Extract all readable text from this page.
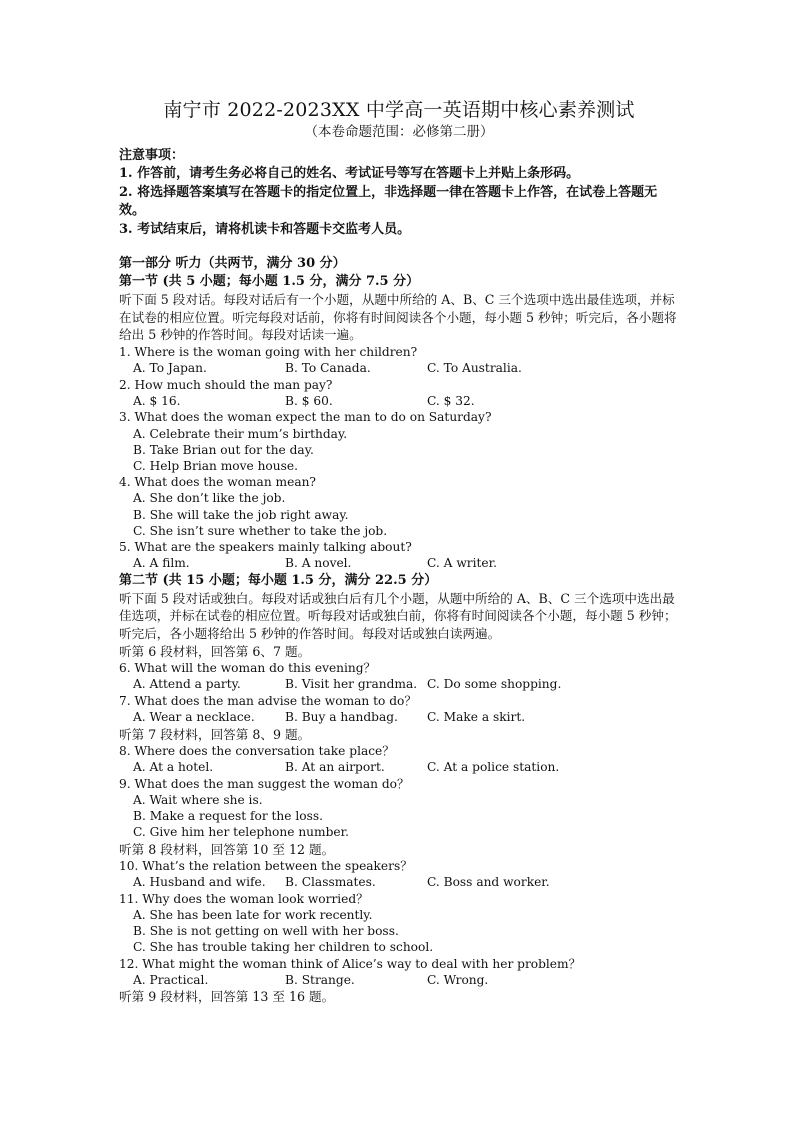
南宁市 2022-2023XX 中学高一英语期中核心素养测试
（本卷命题范围：必修第二册）
注意事项：
1. 作答前，请考生务必将自己的姓名、考试证号等写在答题卡上并贴上条形码。
2. 将选择题答案填写在答题卡的指定位置上，非选择题一律在答题卡上作答，在试卷上答题无效。
3. 考试结束后，请将机读卡和答题卡交监考人员。
第一部分 听力（共两节，满分 30 分）
第一节 (共 5 小题；每小题 1.5 分，满分 7.5 分）
听下面 5 段对话。每段对话后有一个小题，从题中所给的 A、B、C 三个选项中选出最佳选项，并标在试卷的相应位置。听完每段对话前，你将有时间阅读各个小题，每小题 5 秒钟；听完后，各小题将给出 5 秒钟的作答时间。每段对话读一遍。
1. Where is the woman going with her children?
A. To Japan.	B. To Canada.	C. To Australia.
2. How much should the man pay?
A. $ 16.	B. $ 60.	C. $ 32.
3. What does the woman expect the man to do on Saturday?
A. Celebrate their mum’s birthday.
B. Take Brian out for the day.
C. Help Brian move house.
4. What does the woman mean?
A. She don’t like the job.
B. She will take the job right away.
C. She isn’t sure whether to take the job.
5. What are the speakers mainly talking about?
A. A film.	B. A novel.	C. A writer.
第二节 (共 15 小题；每小题 1.5 分，满分 22.5 分）
听下面 5 段对话或独白。每段对话或独白后有几个小题，从题中所给的 A、B、C 三个选项中选出最佳选项，并标在试卷的相应位置。听每段对话或独白前，你将有时间阅读各个小题，每小题 5 秒钟；听完后，各小题将给出 5 秒钟的作答时间。每段对话或独白读两遍。
听第 6 段材料，回答第 6、7 题。
6. What will the woman do this evening？
A. Attend a party.	B. Visit her grandma. C. Do some shopping.
7. What does the man advise the woman to do？
A. Wear a necklace.	B. Buy a handbag.	C. Make a skirt.
听第 7 段材料，回答第 8、9 题。
8. Where does the conversation take place？
A. At a hotel.	B. At an airport.	C. At a police station.
9. What does the man suggest the woman do？
A. Wait where she is.
B. Make a request for the loss.
C. Give him her telephone number.
听第 8 段材料，回答第 10 至 12 题。
10. What’s the relation between the speakers？
A. Husband and wife.	B. Classmates.	C. Boss and worker.
11. Why does the woman look worried？
A. She has been late for work recently.
B. She is not getting on well with her boss.
C. She has trouble taking her children to school.
12. What might the woman think of Alice’s way to deal with her problem？
A. Practical.	B. Strange.	C. Wrong.
听第 9 段材料，回答第 13 至 16 题。
